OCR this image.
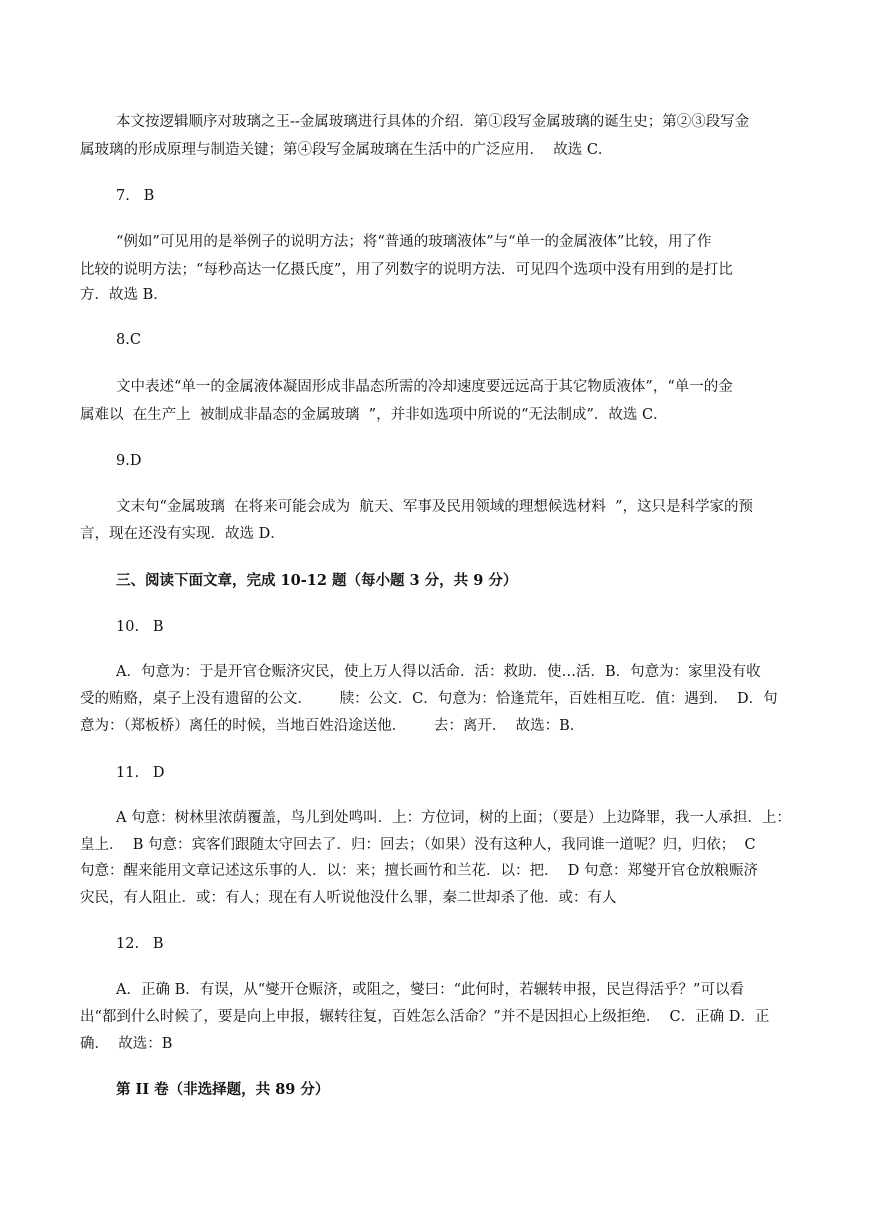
本文按逻辑顺序对玻璃之王--金属玻璃进行具体的介绍．第①段写金属玻璃的诞生史；第②③段写金
属玻璃的形成原理与制造关键；第④段写金属玻璃在生活中的广泛应用．  故选 C．
7.   B
“例如”可见用的是举例子的说明方法；将“普通的玻璃液体”与“单一的金属液体”比较，用了作
比较的说明方法；“每秒高达一亿摄氏度”，用了列数字的说明方法．可见四个选项中没有用到的是打比
方．故选 B．
8.C
文中表述“单一的金属液体凝固形成非晶态所需的冷却速度要远远高于其它物质液体”，“单一的金
属难以  在生产上  被制成非晶态的金属玻璃  ”，并非如选项中所说的“无法制成”．故选 C．
9.D
文末句“金属玻璃  在将来可能会成为  航天、军事及民用领域的理想候选材料  ”，这只是科学家的预
言，现在还没有实现．故选 D．
三、阅读下面文章，完成 10-12 题（每小题 3 分，共 9 分）
10.   B
A．句意为：于是开官仓赈济灾民，使上万人得以活命．活：救助．使…活．B．句意为：家里没有收
受的贿赂，桌子上没有遗留的公文．      牍：公文．C．句意为：恰逢荒年，百姓相互吃．值：遇到．  D．句
意为：（郑板桥）离任的时候，当地百姓沿途送他．      去：离开．  故选：B．
11.   D
A 句意：树林里浓荫覆盖，鸟儿到处鸣叫．上：方位词，树的上面；（要是）上边降罪，我一人承担．上：
皇上．  B 句意：宾客们跟随太守回去了．归：回去；（如果）没有这种人，我同谁一道呢？归，归依；  C
句意：醒来能用文章记述这乐事的人．以：来；擅长画竹和兰花．以：把．  D 句意：郑燮开官仓放粮赈济
灾民，有人阻止．或：有人；现在有人听说他没什么罪，秦二世却杀了他．或：有人
12.   B
A．正确 B．有误，从“燮开仓赈济，或阻之，燮曰：“此何时，若辗转申报，民岂得活乎？”可以看
出“都到什么时候了，要是向上申报，辗转往复，百姓怎么活命？”并不是因担心上级拒绝．  C．正确 D．正
确．  故选：B
第 II 卷（非选择题，共 89 分）
